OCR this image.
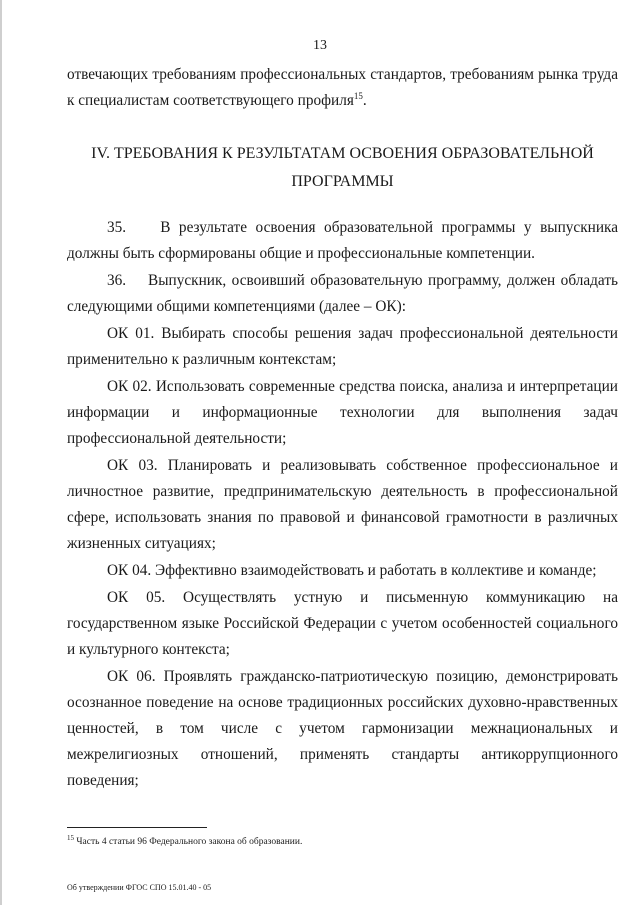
13

отвечающих требованиям профессиональных стандартов, требованиям рынка труда

к специалистам соответствующего профиля$^{15}$.

IV. ТРЕБОВАНИЯ К РЕЗУЛЬТАТАМ ОСВОЕНИЯ ОБРАЗОВАТЕЛЬНОЙ
ПРОГРАММЫ

35.    В результате освоения образовательной программы у выпускника должны быть сформированы общие и профессиональные компетенции.

36.    Выпускник, освоивший образовательную программу, должен обладать следующими общими компетенциями (далее – ОК):

ОК 01. Выбирать способы решения задач профессиональной деятельности применительно к различным контекстам;

ОК 02. Использовать современные средства поиска, анализа и интерпретации информации и информационные технологии для выполнения задач профессиональной деятельности;

ОК 03. Планировать и реализовывать собственное профессиональное и личностное развитие, предпринимательскую деятельность в профессиональной сфере, использовать знания по правовой и финансовой грамотности в различных жизненных ситуациях;

ОК 04. Эффективно взаимодействовать и работать в коллективе и команде;

ОК 05. Осуществлять устную и письменную коммуникацию на государственном языке Российской Федерации с учетом особенностей социального и культурного контекста;

ОК 06. Проявлять гражданско-патриотическую позицию, демонстрировать осознанное поведение на основе традиционных российских духовно-нравственных ценностей, в том числе с учетом гармонизации межнациональных и межрелигиозных отношений, применять стандарты антикоррупционного поведения;

$^{15}$ Часть 4 статьи 96 Федерального закона об образовании.
Об утверждении ФГОС СПО 15.01.40 - 05
